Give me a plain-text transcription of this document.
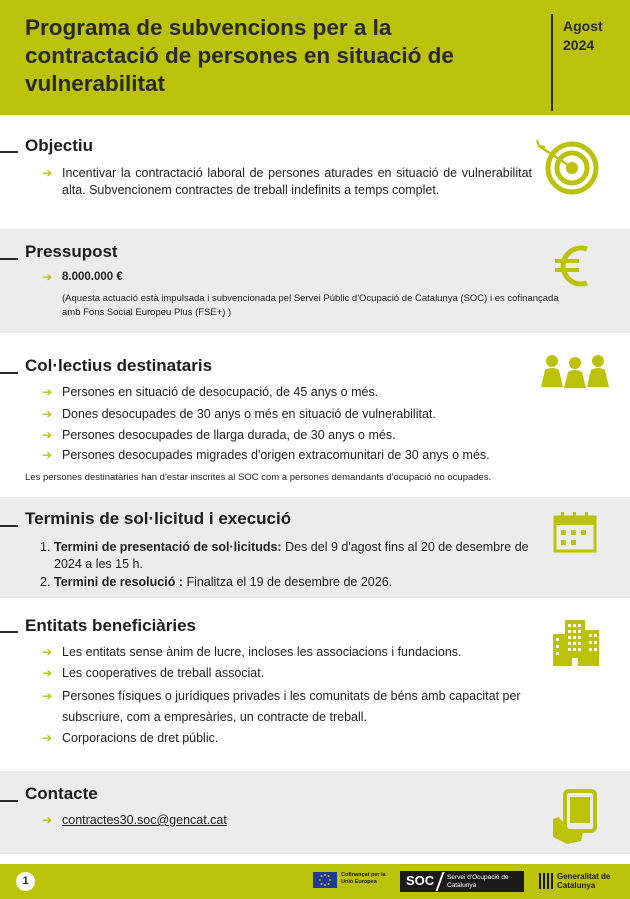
Programa de subvencions per a la contractació de persones en situació de vulnerabilitat
Agost
2024
Objectiu
➔ Incentivar la contractació laboral de persones aturades en situació de vulnerabilitat alta. Subvencionem contractes de treball indefinits a temps complet.
Pressupost
➔ 8.000.000 €
(Aquesta actuació està impulsada i subvencionada pel Servei Públic d'Ocupació de Catalunya (SOC) i es cofinançada amb Fons Social Europeu Plus (FSE+) )
Col·lectius destinataris
➔ Persones en situació de desocupació, de 45 anys o més.
➔ Dones desocupades de 30 anys o més en situació de vulnerabilitat.
➔ Persones desocupades de llarga durada, de 30 anys o més.
➔ Persones desocupades migrades d'origen extracomunitari de 30 anys o més.
Les persones destinatàries han d'estar inscrites al SOC com a persones demandants d'ocupació no ocupades.
Terminis de sol·licitud i execució
1. Termini de presentació de sol·licituds: Des del 9 d'agost fins al 20 de desembre de 2024 a les 15 h.
2. Termini de resolució : Finalitza el 19 de desembre de 2026.
Entitats beneficiàries
➔ Les entitats sense ànim de lucre, incloses les associacions i fundacions.
➔ Les cooperatives de treball associat.
➔ Persones físiques o jurídiques privades i les comunitats de béns amb capacitat per subscriure, com a empresàries, un contracte de treball.
➔ Corporacions de dret públic.
Contacte
➔ contractes30.soc@gencat.cat
1	Cofinançat per la Unió Europea	SOC Servei d'Ocupació de Catalunya
Generalitat de Catalunya
